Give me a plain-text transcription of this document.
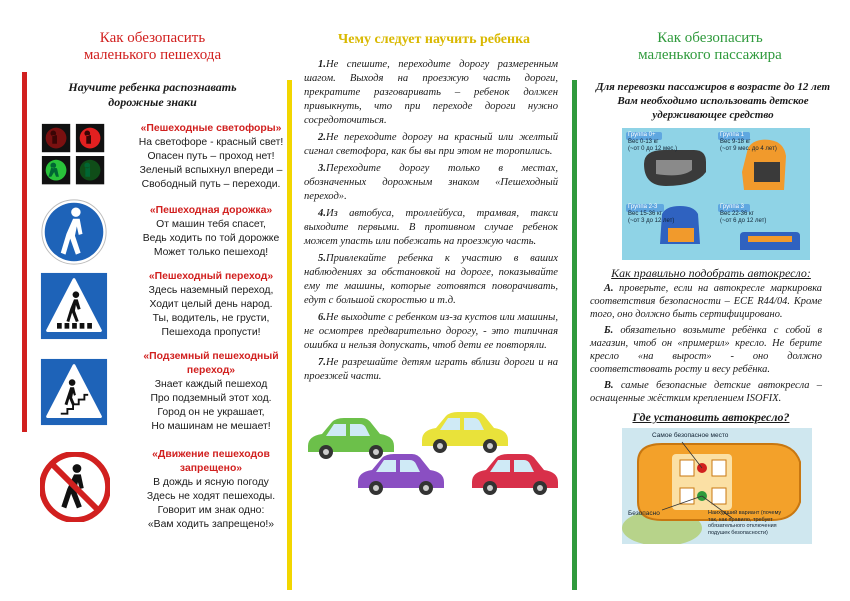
Как обезопасить
маленького пешехода
Научите ребенка распознавать
дорожные знаки
«Пешеходные светофоры»
На светофоре - красный свет!
Опасен путь – проход нет!
Зеленый вспыхнул впереди –
Свободный путь – переходи.
«Пешеходная дорожка»
От машин тебя спасет,
Ведь ходить по той дорожке
Может только пешеход!
«Пешеходный переход»
Здесь наземный переход,
Ходит целый день народ.
Ты, водитель, не грусти,
Пешехода пропусти!
«Подземный пешеходный переход»
Знает каждый пешеход
Про подземный этот ход.
Город он не украшает,
Но машинам не мешает!
«Движение пешеходов запрещено»
В дождь и ясную погоду
Здесь не ходят пешеходы.
Говорит им знак одно:
«Вам ходить запрещено!»
Чему следует научить ребенка

1.Не спешите, переходите дорогу размеренным шагом. Выходя на проезжую часть дороги, прекратите разговаривать – ребенок должен привыкнуть, что при переходе дороги нужно сосредоточиться.

2.Не переходите дорогу на красный или желтый сигнал светофора, как бы вы при этом не торопились.

3.Переходите дорогу только в местах, обозначенных дорожным знаком «Пешеходный переход».

4.Из автобуса, троллейбуса, трамвая, такси выходите первыми. В противном случае ребенок может упасть или побежать на проезжую часть.

5.Привлекайте ребенка к участию в ваших наблюдениях за обстановкой на дороге, показывайте ему те машины, которые готовятся поворачивать, едут с большой скоростью и т.д.

6.Не выходите с ребенком из-за кустов или машины, не осмотрев предварительно дорогу, - это типичная ошибка и нельзя допускать, чтоб дети ее повторяли.

7.Не разрешайте детям играть вблизи дороги и на проезжей части.

Как обезопасить
маленького пассажира
Для перевозки пассажиров в возрасте до 12 лет
Вам необходимо использовать детское
удерживающее средство
Группа 0+
Вес 0-13 кг
(~от 0 до 12 мес.)
Группа 1
Вес 9-18 кг
(~от 9 мес. до 4 лет)
Группа 2-3
Вес 15-36 кг
(~от 3 до 12 лет)
Группа 3
Вес 22-36 кг
(~от 6 до 12 лет)
Как правильно подобрать автокресло:

А. проверьте, если на автокресле маркировка соответствия безопасности – ECE R44/04. Кроме того, оно должно быть сертифицировано.

Б. обязательно возьмите ребёнка с собой в магазин, чтоб он «примерил» кресло. Не берите кресло «на вырост» - оно должно соответствовать росту и весу ребёнка.

В. самые безопасные детские автокресла – оснащенные жёстким креплением ISOFIX.

Где установить автокресло?
Самое безопасное место
Безопасно	Наихудший вариант (почему
так, как правило, требует
обязательного отключения
подушек безопасности)
